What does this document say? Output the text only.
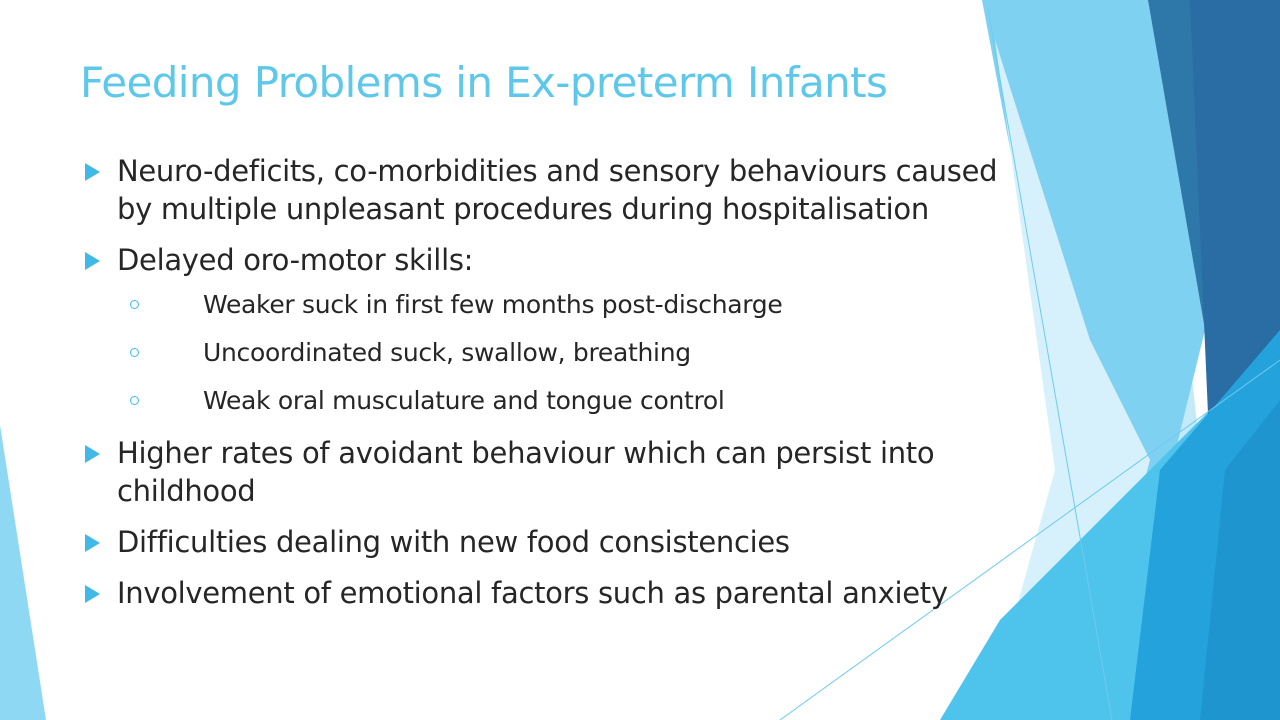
Feeding Problems in Ex-preterm Infants
Neuro-deficits, co-morbidities and sensory behaviours caused by multiple unpleasant procedures during hospitalisation
Delayed oro-motor skills:
Weaker suck in first few months post-discharge
Uncoordinated suck, swallow, breathing
Weak oral musculature and tongue control
Higher rates of avoidant behaviour which can persist into childhood
Difficulties dealing with new food consistencies
Involvement of emotional factors such as parental anxiety
